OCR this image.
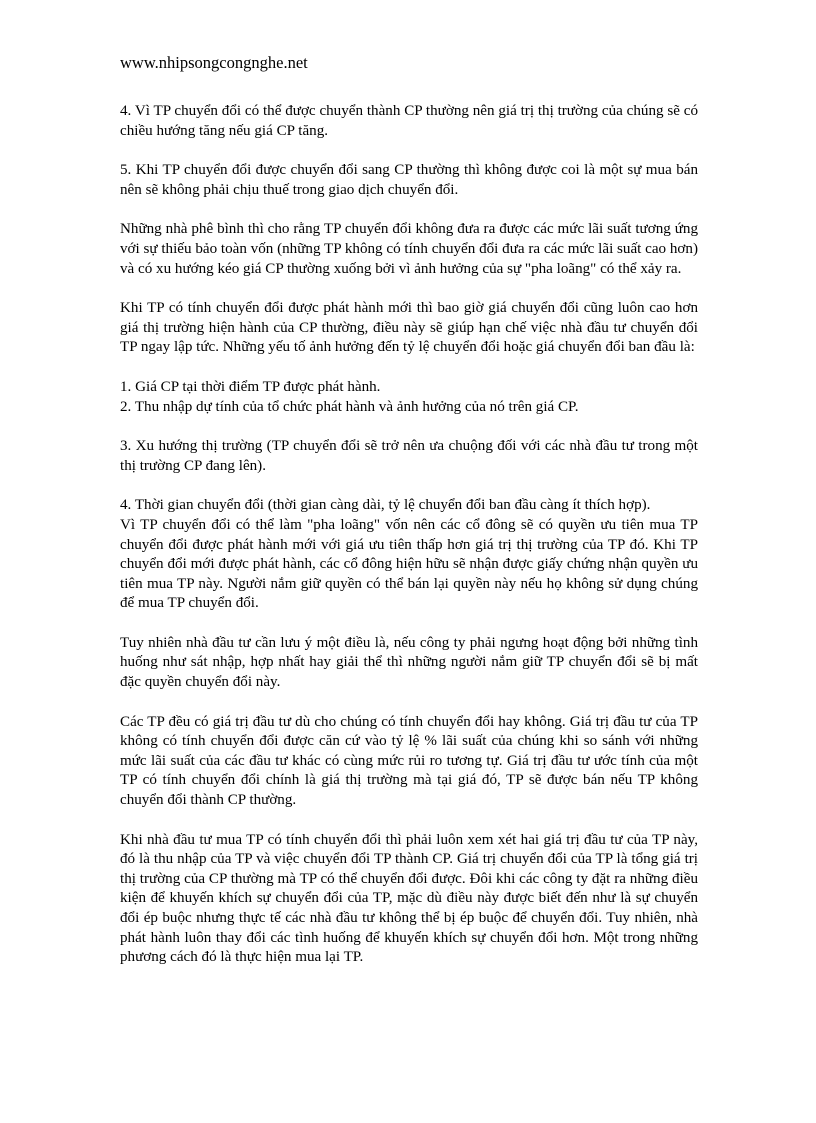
www.nhipsongcongnghe.net

4. Vì TP chuyển đổi có thể được chuyển thành CP thường nên giá trị thị trường của chúng sẽ có chiều hướng tăng nếu giá CP tăng.

5. Khi TP chuyển đổi được chuyển đổi sang CP thường thì không được coi là một sự mua bán nên sẽ không phải chịu thuế trong giao dịch chuyển đổi.

Những nhà phê bình thì cho rằng TP chuyển đổi không đưa ra được các mức lãi suất tương ứng với sự thiếu bảo toàn vốn (những TP không có tính chuyển đổi đưa ra các mức lãi suất cao hơn) và có xu hướng kéo giá CP thường xuống bởi vì ảnh hưởng của sự "pha loãng" có thể xảy ra.

Khi TP có tính chuyển đổi được phát hành mới thì bao giờ giá chuyển đổi cũng luôn cao hơn giá thị trường hiện hành của CP thường, điều này sẽ giúp hạn chế việc nhà đầu tư chuyển đổi TP ngay lập tức. Những yếu tố ảnh hưởng đến tỷ lệ chuyển đổi hoặc giá chuyển đổi ban đầu là:

1. Giá CP tại thời điểm TP được phát hành.
2. Thu nhập dự tính của tổ chức phát hành và ảnh hưởng của nó trên giá CP.

3. Xu hướng thị trường (TP chuyển đổi sẽ trở nên ưa chuộng đối với các nhà đầu tư trong một thị trường CP đang lên).

4. Thời gian chuyển đổi (thời gian càng dài, tỷ lệ chuyển đổi ban đầu càng ít thích hợp).
Vì TP chuyển đổi có thể làm "pha loãng" vốn nên các cổ đông sẽ có quyền ưu tiên mua TP chuyển đổi được phát hành mới với giá ưu tiên thấp hơn giá trị thị trường của TP đó. Khi TP chuyển đổi mới được phát hành, các cổ đông hiện hữu sẽ nhận được giấy chứng nhận quyền ưu tiên mua TP này. Người nắm giữ quyền có thể bán lại quyền này nếu họ không sử dụng chúng để mua TP chuyển đổi.

Tuy nhiên nhà đầu tư cần lưu ý một điều là, nếu công ty phải ngưng hoạt động bởi những tình huống như sát nhập, hợp nhất hay giải thể thì những người nắm giữ TP chuyển đổi sẽ bị mất đặc quyền chuyển đổi này.

Các TP đều có giá trị đầu tư dù cho chúng có tính chuyển đổi hay không. Giá trị đầu tư của TP không có tính chuyển đổi được căn cứ vào tỷ lệ % lãi suất của chúng khi so sánh với những mức lãi suất của các đầu tư khác có cùng mức rủi ro tương tự. Giá trị đầu tư ước tính của một TP có tính chuyển đổi chính là giá thị trường mà tại giá đó, TP sẽ được bán nếu TP không chuyển đổi thành CP thường.

Khi nhà đầu tư mua TP có tính chuyển đổi thì phải luôn xem xét hai giá trị đầu tư của TP này, đó là thu nhập của TP và việc chuyển đổi TP thành CP. Giá trị chuyển đổi của TP là tổng giá trị thị trường của CP thường mà TP có thể chuyển đổi được. Đôi khi các công ty đặt ra những điều kiện để khuyến khích sự chuyển đổi của TP, mặc dù điều này được biết đến như là sự chuyển đổi ép buộc nhưng thực tế các nhà đầu tư không thể bị ép buộc để chuyển đổi. Tuy nhiên, nhà phát hành luôn thay đổi các tình huống để khuyến khích sự chuyển đổi hơn. Một trong những phương cách đó là thực hiện mua lại TP.
